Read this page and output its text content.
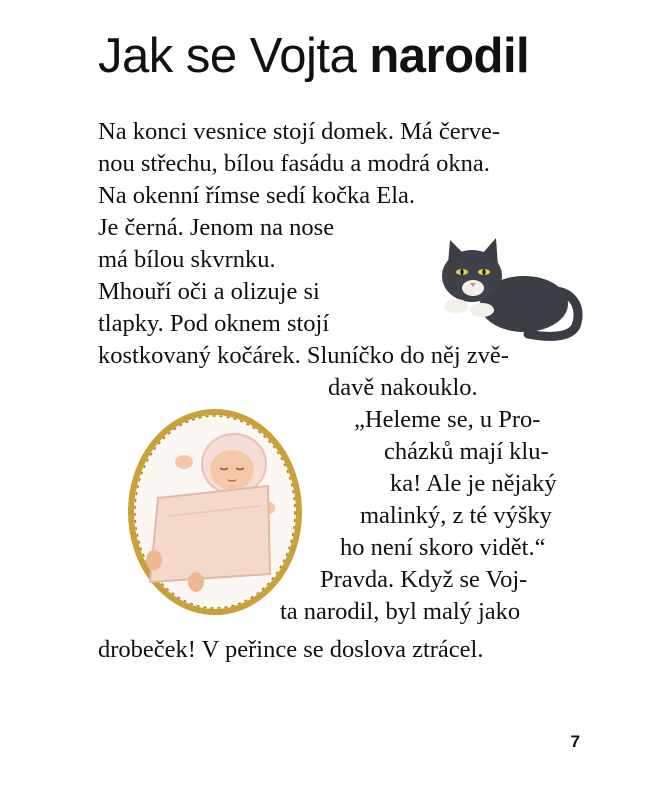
Jak se Vojta narodil
Na konci vesnice stojí domek. Má červe-
nou střechu, bílou fasádu a modrá okna.
Na okenní římse sedí kočka Ela.
Je černá. Jenom na nose
má bílou skvrnku.
Mhouří oči a olizuje si
tlapky. Pod oknem stojí
kostkovaný kočárek. Sluníčko do něj zvě-
davě nakouklo.
„Heleme se, u Pro-
cházků mají klu-
ka! Ale je nějaký
malinký, z té výšky
ho není skoro vidět.“
Pravda. Když se Voj-
ta narodil, byl malý jako
drobeček! V peřince se doslova ztrácel.
7
